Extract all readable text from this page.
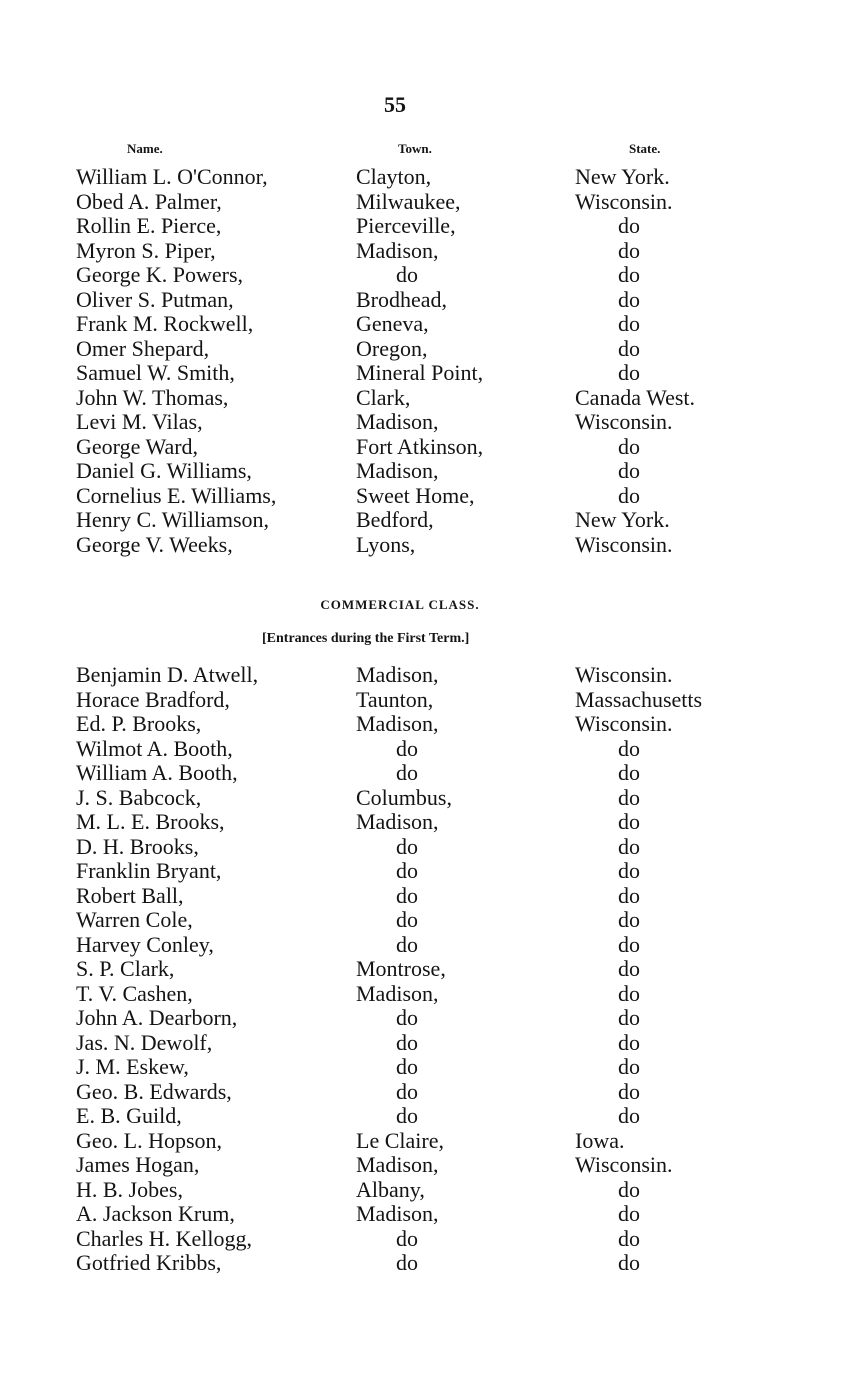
55
Name.	Town.	State.
William L. O'Connor,	Clayton,	New York.
Obed A. Palmer,	Milwaukee,	Wisconsin.
Rollin E. Pierce,	Pierceville,	do
Myron S. Piper,	Madison,	do
George K. Powers,	do	do
Oliver S. Putman,	Brodhead,	do
Frank M. Rockwell,	Geneva,	do
Omer Shepard,	Oregon,	do
Samuel W. Smith,	Mineral Point,	do
John W. Thomas,	Clark,	Canada West.
Levi M. Vilas,	Madison,	Wisconsin.
George Ward,	Fort Atkinson,	do
Daniel G. Williams,	Madison,	do
Cornelius E. Williams,	Sweet Home,	do
Henry C. Williamson,	Bedford,	New York.
George V. Weeks,	Lyons,	Wisconsin.
COMMERCIAL CLASS.
[Entrances during the First Term.]
Benjamin D. Atwell,	Madison,	Wisconsin.
Horace Bradford,	Taunton,	Massachusetts
Ed. P. Brooks,	Madison,	Wisconsin.
Wilmot A. Booth,	do	do
William A. Booth,	do	do
J. S. Babcock,	Columbus,	do
M. L. E. Brooks,	Madison,	do
D. H. Brooks,	do	do
Franklin Bryant,	do	do
Robert Ball,	do	do
Warren Cole,	do	do
Harvey Conley,	do	do
S. P. Clark,	Montrose,	do
T. V. Cashen,	Madison,	do
John A. Dearborn,	do	do
Jas. N. Dewolf,	do	do
J. M. Eskew,	do	do
Geo. B. Edwards,	do	do
E. B. Guild,	do	do
Geo. L. Hopson,	Le Claire,	Iowa.
James Hogan,	Madison,	Wisconsin.
H. B. Jobes,	Albany,	do
A. Jackson Krum,	Madison,	do
Charles H. Kellogg,	do	do
Gotfried Kribbs,	do	do
